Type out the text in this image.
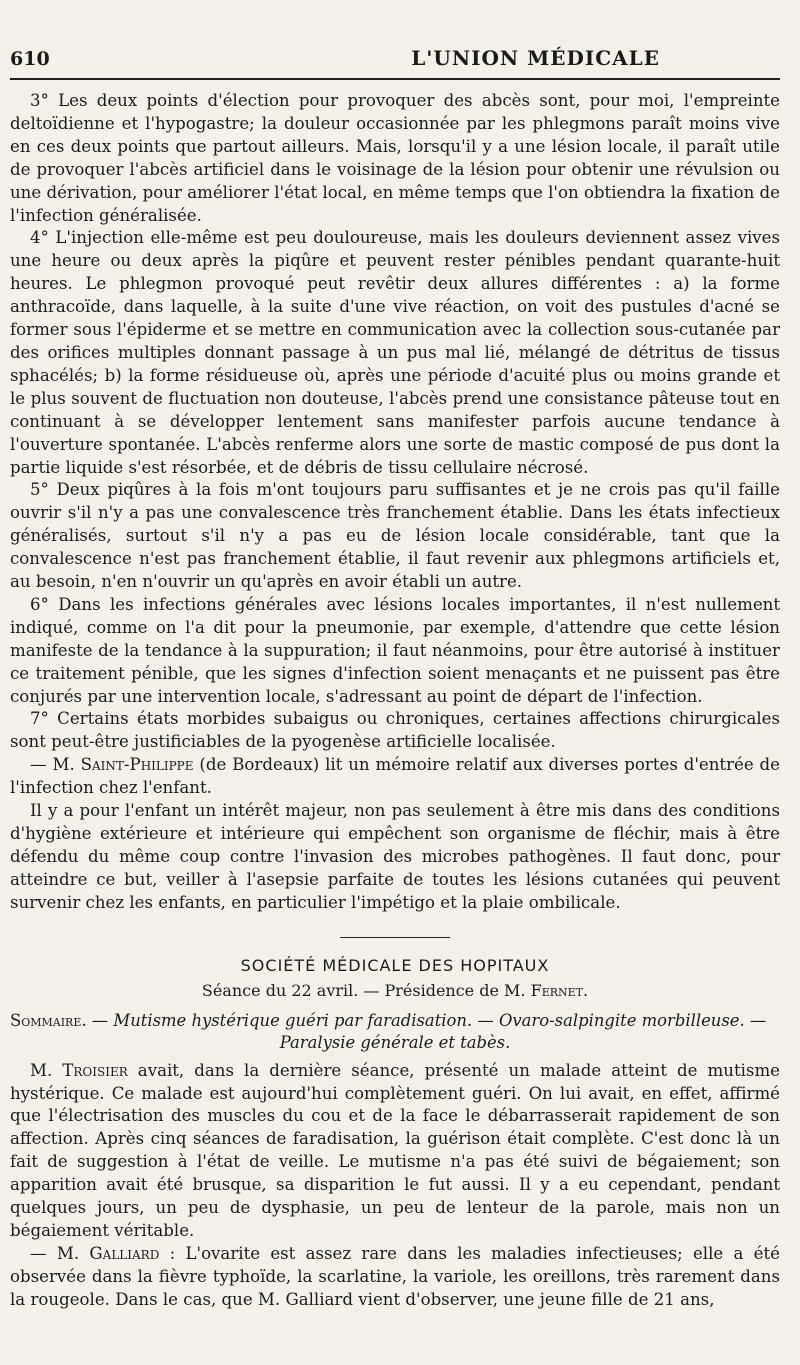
610	L'UNION MÉDICALE

3° Les deux points d'élection pour provoquer des abcès sont, pour moi, l'empreinte deltoïdienne et l'hypogastre; la douleur occasionnée par les phlegmons paraît moins vive en ces deux points que partout ailleurs. Mais, lorsqu'il y a une lésion locale, il paraît utile de provoquer l'abcès artificiel dans le voisinage de la lésion pour obtenir une révulsion ou une dérivation, pour améliorer l'état local, en même temps que l'on obtiendra la fixation de l'infection généralisée.

4° L'injection elle-même est peu douloureuse, mais les douleurs deviennent assez vives une heure ou deux après la piqûre et peuvent rester pénibles pendant quarante-huit heures. Le phlegmon provoqué peut revêtir deux allures différentes : a) la forme anthracoïde, dans laquelle, à la suite d'une vive réaction, on voit des pustules d'acné se former sous l'épiderme et se mettre en communication avec la collection sous-cutanée par des orifices multiples donnant passage à un pus mal lié, mélangé de détritus de tissus sphacélés; b) la forme résidueuse où, après une période d'acuité plus ou moins grande et le plus souvent de fluctuation non douteuse, l'abcès prend une consistance pâteuse tout en continuant à se développer lentement sans manifester parfois aucune tendance à l'ouverture spontanée. L'abcès renferme alors une sorte de mastic composé de pus dont la partie liquide s'est résorbée, et de débris de tissu cellulaire nécrosé.

5° Deux piqûres à la fois m'ont toujours paru suffisantes et je ne crois pas qu'il faille ouvrir s'il n'y a pas une convalescence très franchement établie. Dans les états infectieux généralisés, surtout s'il n'y a pas eu de lésion locale considérable, tant que la convalescence n'est pas franchement établie, il faut revenir aux phlegmons artificiels et, au besoin, n'en n'ouvrir un qu'après en avoir établi un autre.

6° Dans les infections générales avec lésions locales importantes, il n'est nullement indiqué, comme on l'a dit pour la pneumonie, par exemple, d'attendre que cette lésion manifeste de la tendance à la suppuration; il faut néanmoins, pour être autorisé à instituer ce traitement pénible, que les signes d'infection soient menaçants et ne puissent pas être conjurés par une intervention locale, s'adressant au point de départ de l'infection.

7° Certains états morbides subaigus ou chroniques, certaines affections chirurgicales sont peut-être justificiables de la pyogenèse artificielle localisée.

— M. Saint-Philippe (de Bordeaux) lit un mémoire relatif aux diverses portes d'entrée de l'infection chez l'enfant.

Il y a pour l'enfant un intérêt majeur, non pas seulement à être mis dans des conditions d'hygiène extérieure et intérieure qui empêchent son organisme de fléchir, mais à être défendu du même coup contre l'invasion des microbes pathogènes. Il faut donc, pour atteindre ce but, veiller à l'asepsie parfaite de toutes les lésions cutanées qui peuvent survenir chez les enfants, en particulier l'impétigo et la plaie ombilicale.

SOCIÉTÉ MÉDICALE DES HOPITAUX
Séance du 22 avril. — Présidence de M. Fernet.
Sommaire. — Mutisme hystérique guéri par faradisation. — Ovaro-salpingite morbilleuse. —
Paralysie générale et tabès.

M. Troisier avait, dans la dernière séance, présenté un malade atteint de mutisme hystérique. Ce malade est aujourd'hui complètement guéri. On lui avait, en effet, affirmé que l'électrisation des muscles du cou et de la face le débarrasserait rapidement de son affection. Après cinq séances de faradisation, la guérison était complète. C'est donc là un fait de suggestion à l'état de veille. Le mutisme n'a pas été suivi de bégaiement; son apparition avait été brusque, sa disparition le fut aussi. Il y a eu cependant, pendant quelques jours, un peu de dysphasie, un peu de lenteur de la parole, mais non un bégaiement véritable.

— M. Galliard : L'ovarite est assez rare dans les maladies infectieuses; elle a été observée dans la fièvre typhoïde, la scarlatine, la variole, les oreillons, très rarement dans la rougeole. Dans le cas, que M. Galliard vient d'observer, une jeune fille de 21 ans,
